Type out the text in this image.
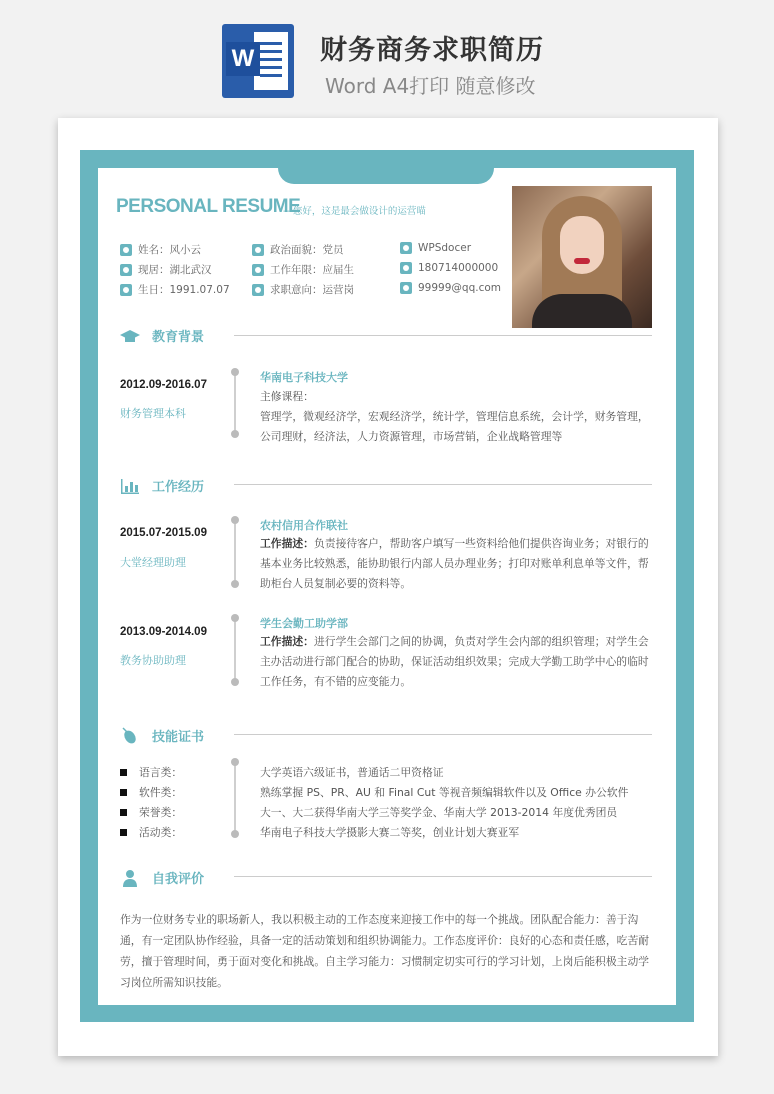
W 财务商务求职简历
Word A4打印 随意修改
PERSONAL RESUME
-- 您好，这是最会做设计的运营喵
姓名：风小云
现居：湖北武汉
生日：1991.07.07
政治面貌：党员
工作年限：应届生
求职意向：运营岗
WPSdocer
180714000000
99999@qq.com
教育背景
2012.09-2016.07
财务管理本科
华南电子科技大学
主修课程：
管理学，微观经济学，宏观经济学，统计学，管理信息系统，会计学，财务管理，公司理财，经济法，人力资源管理，市场营销，企业战略管理等
工作经历
2015.07-2015.09
大堂经理助理
农村信用合作联社
工作描述：负责接待客户，帮助客户填写一些资料给他们提供咨询业务；对银行的基本业务比较熟悉，能协助银行内部人员办理业务；打印对账单利息单等文件，帮助柜台人员复制必要的资料等。
2013.09-2014.09
教务协助助理
学生会勤工助学部
工作描述：进行学生会部门之间的协调，负责对学生会内部的组织管理；对学生会主办活动进行部门配合的协助，保证活动组织效果；完成大学勤工助学中心的临时工作任务，有不错的应变能力。
技能证书
语言类：	大学英语六级证书，普通话二甲资格证
软件类：	熟练掌握 PS、PR、AU 和 Final Cut 等视音频编辑软件以及 Office 办公软件
荣誉类：	大一、大二获得华南大学三等奖学金、华南大学 2013-2014 年度优秀团员
活动类：	华南电子科技大学摄影大赛二等奖，创业计划大赛亚军
自我评价
作为一位财务专业的职场新人，我以积极主动的工作态度来迎接工作中的每一个挑战。团队配合能力：善于沟通，有一定团队协作经验，具备一定的活动策划和组织协调能力。工作态度评价：良好的心态和责任感，吃苦耐劳，擅于管理时间，勇于面对变化和挑战。自主学习能力：习惯制定切实可行的学习计划，上岗后能积极主动学习岗位所需知识技能。
